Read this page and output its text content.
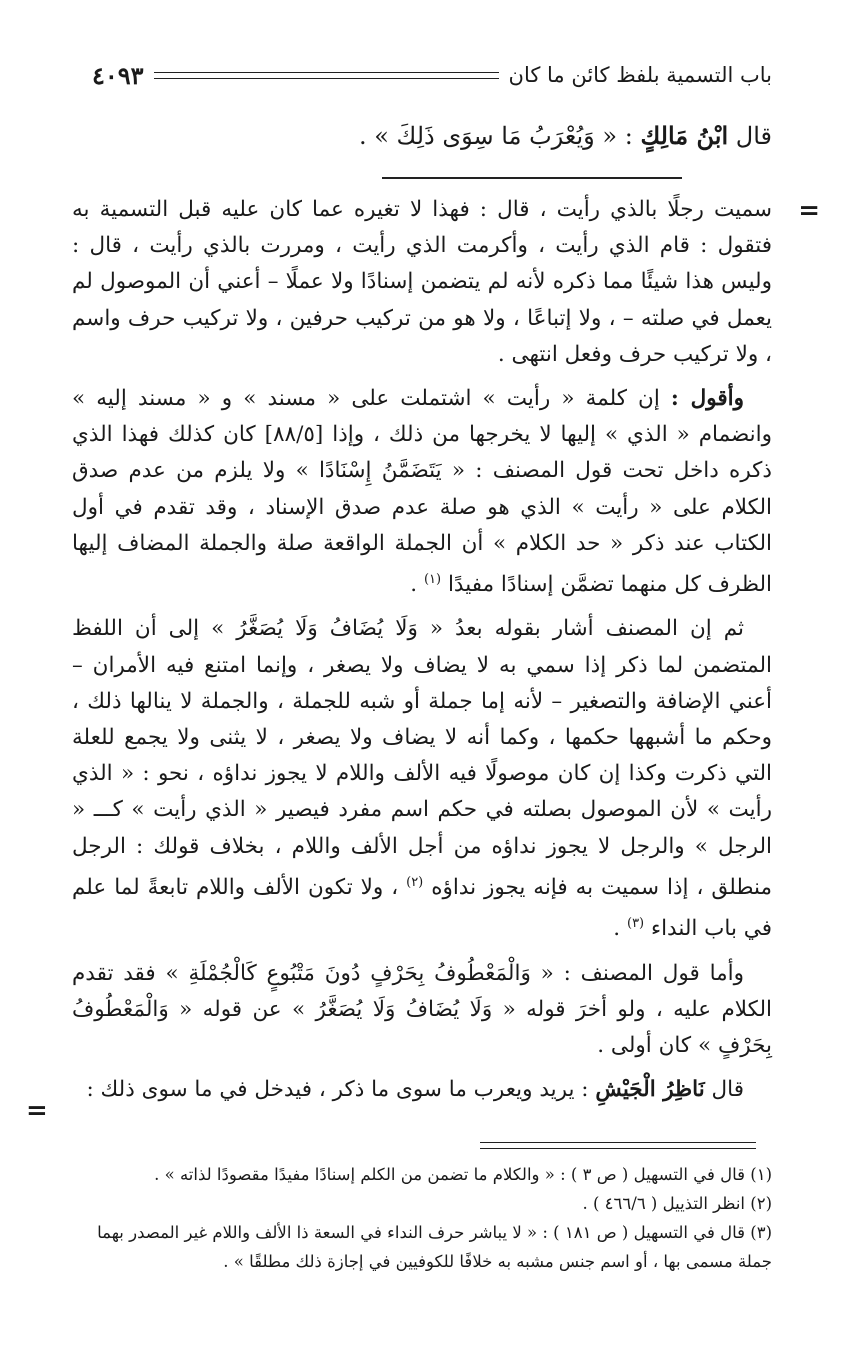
باب التسمية بلفظ كائن ما كان
٤٠٩٣
قال ابْنُ مَالِكٍ : « وَيُعْرَبُ مَا سِوَى ذَلِكَ » .
=

سميت رجلًا بالذي رأيت ، قال : فهذا لا تغيره عما كان عليه قبل التسمية به فتقول : قام الذي رأيت ، وأكرمت الذي رأيت ، ومررت بالذي رأيت ، قال : وليس هذا شيئًا مما ذكره لأنه لم يتضمن إسنادًا ولا عملًا – أعني أن الموصول لم يعمل في صلته – ، ولا إتباعًا ، ولا هو من تركيب حرفين ، ولا تركيب حرف واسم ، ولا تركيب حرف وفعل انتهى .

وأقول : إن كلمة « رأيت » اشتملت على « مسند » و « مسند إليه » وانضمام « الذي » إليها لا يخرجها من ذلك ، وإذا [٨٨/٥] كان كذلك فهذا الذي ذكره داخل تحت قول المصنف : « يَتَضَمَّنُ إِسْنَادًا » ولا يلزم من عدم صدق الكلام على « رأيت » الذي هو صلة عدم صدق الإسناد ، وقد تقدم في أول الكتاب عند ذكر « حد الكلام » أن الجملة الواقعة صلة والجملة المضاف إليها الظرف كل منهما تضمَّن إسنادًا مفيدًا $^{(١)}$ .

ثم إن المصنف أشار بقوله بعدُ « وَلَا يُضَافُ وَلَا يُصَغَّرُ » إلى أن اللفظ المتضمن لما ذكر إذا سمي به لا يضاف ولا يصغر ، وإنما امتنع فيه الأمران – أعني الإضافة والتصغير – لأنه إما جملة أو شبه للجملة ، والجملة لا ينالها ذلك ، وحكم ما أشبهها حكمها ، وكما أنه لا يضاف ولا يصغر ، لا يثنى ولا يجمع للعلة التي ذكرت وكذا إن كان موصولًا فيه الألف واللام لا يجوز نداؤه ، نحو : « الذي رأيت » لأن الموصول بصلته في حكم اسم مفرد فيصير « الذي رأيت » كـــ « الرجل » والرجل لا يجوز نداؤه من أجل الألف واللام ، بخلاف قولك : الرجل منطلق ، إذا سميت به فإنه يجوز نداؤه $^{(٢)}$ ، ولا تكون الألف واللام تابعةً لما علم في باب النداء $^{(٣)}$ .

وأما قول المصنف : « وَالْمَعْطُوفُ بِحَرْفٍ دُونَ مَتْبُوعٍ كَالْجُمْلَةِ » فقد تقدم الكلام عليه ، ولو أخرَ قوله « وَلَا يُضَافُ وَلَا يُصَغَّرُ » عن قوله « وَالْمَعْطُوفُ بِحَرْفٍ » كان أولى .

قال نَاظِرُ الْجَيْشِ : يريد ويعرب ما سوى ما ذكر ، فيدخل في ما سوى ذلك :

=

(١) قال في التسهيل ( ص ٣ ) : « والكلام ما تضمن من الكلم إسنادًا مفيدًا مقصودًا لذاته » .

(٢) انظر التذييل ( ٤٦٦/٦ ) .

(٣) قال في التسهيل ( ص ١٨١ ) : « لا يباشر حرف النداء في السعة ذا الألف واللام غير المصدر بهما جملة مسمى بها ، أو اسم جنس مشبه به خلافًا للكوفيين في إجازة ذلك مطلقًا » .
